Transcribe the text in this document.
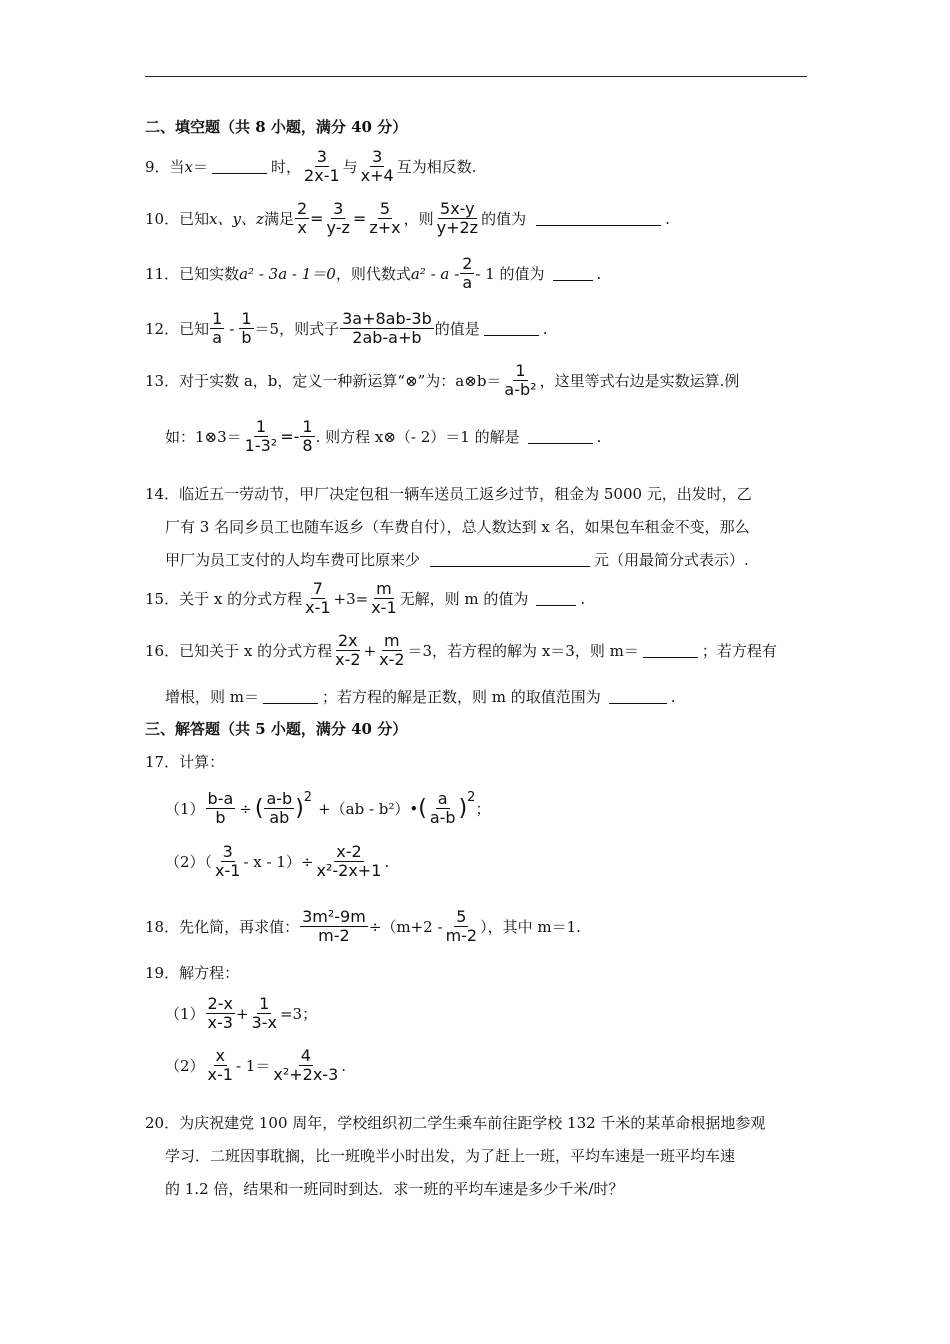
二、填空题（共 8 小题，满分 40 分）
9．当 x ＝	时， $\frac{3}{2x-1}$ 与 $\frac{3}{x+4}$ 互为相反数.
10．已知 x、y、z 满足 $\frac{2}{x} = \frac{3}{y-z} = \frac{5}{z+x}$ ，则 $\frac{5x-y}{y+2z}$ 的值为	.
11．已知实数 a² - 3a - 1＝0 ，则代数式 a² - a - $\frac{2}{a} - 1$ 的值为	.
12．已知 $\frac{1}{a} - \frac{1}{b} =5$，则式子 $\frac{3a+8ab-3b}{2ab-a+b}$ 的值是	.
13．对于实数 a，b，定义一种新运算“⊗”为：a⊗b＝ $\frac{1}{\text{a-b²}}$ ，这里等式右边是实数运算.例
如：1⊗3＝ $\frac{1}{\text{1-3²}} =- \frac{1}{8}$ . 则方程 x⊗（- 2）＝1 的解是	.
14．临近五一劳动节，甲厂决定包租一辆车送员工返乡过节，租金为 5000 元，出发时，乙
厂有 3 名同乡员工也随车返乡（车费自付），总人数达到 x 名，如果包车租金不变，那么
甲厂为员工支付的人均车费可比原来少	元（用最简分式表示）.
15．关于 x 的分式方程 $\frac{7}{x-1} +3= \frac{m}{x-1}$ 无解，则 m 的值为	.
16．已知关于 x 的分式方程 $\frac{2x}{x-2} + \frac{m}{x-2} =3$，若方程的解为 x＝3，则 m＝	；若方程有
增根，则 m＝	；若方程的解是正数，则 m 的取值范围为	.
三、解答题（共 5 小题，满分 40 分）
17．计算：
$(1) \frac{b-a}{b}$ ÷ ( $\frac{a-b}{ab}$ ) 2
+（ab - b²）• ( $\frac{a}{a-b}$ ) 2
；
$(2)( \frac{3}{x-1} - x - 1)\div \frac{x-2}{\text{x²-2x+1}}$ .
18．先化简，再求值： $\frac{\text{3m²-9m}}{m-2} \div(m+2 - \frac{5}{m-2}$ ），其中 m＝1.
19．解方程：
$(1) \frac{2-x}{x-3} + \frac{1}{3-x} =3$；
$(2) \frac{x}{x-1} - 1= \frac{4}{\text{x²+2x-3}}$ .
20．为庆祝建党 100 周年，学校组织初二学生乘车前往距学校 132 千米的某革命根据地参观
学习．二班因事耽搁，比一班晚半小时出发，为了赶上一班，平均车速是一班平均车速
的 1.2 倍，结果和一班同时到达．求一班的平均车速是多少千米/时？
